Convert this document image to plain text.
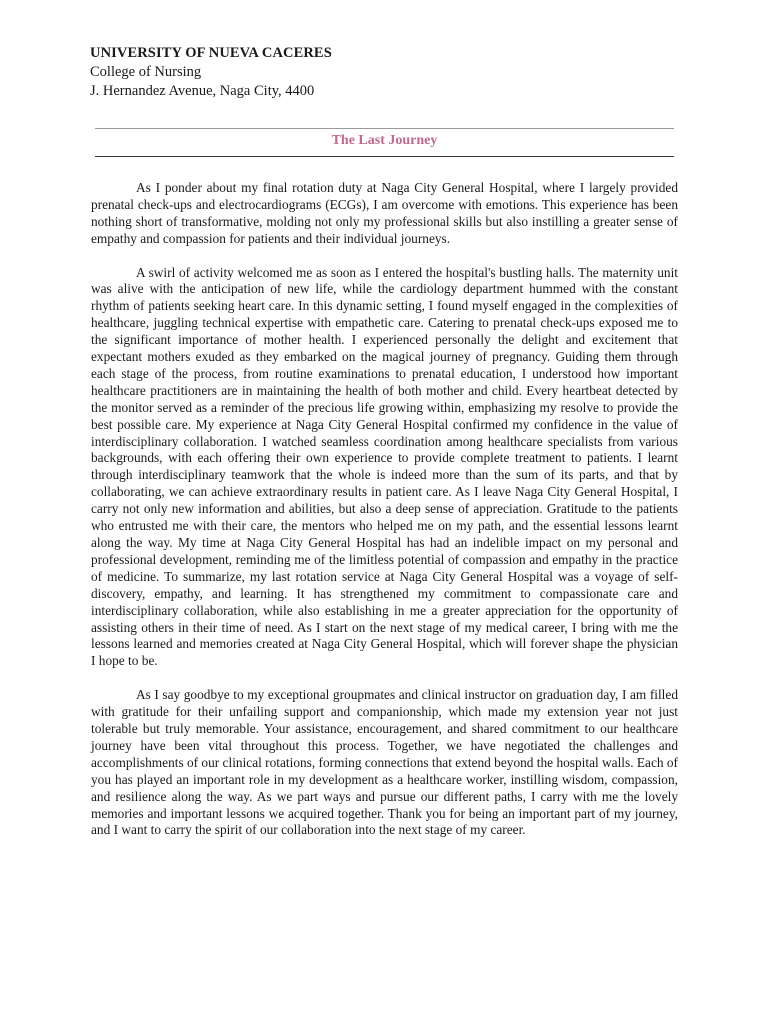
UNIVERSITY OF NUEVA CACERES
College of Nursing
J. Hernandez Avenue, Naga City, 4400
The Last Journey

As I ponder about my final rotation duty at Naga City General Hospital, where I largely provided prenatal check-ups and electrocardiograms (ECGs), I am overcome with emotions. This experience has been nothing short of transformative, molding not only my professional skills but also instilling a greater sense of empathy and compassion for patients and their individual journeys.

A swirl of activity welcomed me as soon as I entered the hospital's bustling halls. The maternity unit was alive with the anticipation of new life, while the cardiology department hummed with the constant rhythm of patients seeking heart care. In this dynamic setting, I found myself engaged in the complexities of healthcare, juggling technical expertise with empathetic care. Catering to prenatal check-ups exposed me to the significant importance of mother health. I experienced personally the delight and excitement that expectant mothers exuded as they embarked on the magical journey of pregnancy. Guiding them through each stage of the process, from routine examinations to prenatal education, I understood how important healthcare practitioners are in maintaining the health of both mother and child. Every heartbeat detected by the monitor served as a reminder of the precious life growing within, emphasizing my resolve to provide the best possible care. My experience at Naga City General Hospital confirmed my confidence in the value of interdisciplinary collaboration. I watched seamless coordination among healthcare specialists from various backgrounds, with each offering their own experience to provide complete treatment to patients. I learnt through interdisciplinary teamwork that the whole is indeed more than the sum of its parts, and that by collaborating, we can achieve extraordinary results in patient care. As I leave Naga City General Hospital, I carry not only new information and abilities, but also a deep sense of appreciation. Gratitude to the patients who entrusted me with their care, the mentors who helped me on my path, and the essential lessons learnt along the way. My time at Naga City General Hospital has had an indelible impact on my personal and professional development, reminding me of the limitless potential of compassion and empathy in the practice of medicine. To summarize, my last rotation service at Naga City General Hospital was a voyage of self-discovery, empathy, and learning. It has strengthened my commitment to compassionate care and interdisciplinary collaboration, while also establishing in me a greater appreciation for the opportunity of assisting others in their time of need. As I start on the next stage of my medical career, I bring with me the lessons learned and memories created at Naga City General Hospital, which will forever shape the physician I hope to be.

As I say goodbye to my exceptional groupmates and clinical instructor on graduation day, I am filled with gratitude for their unfailing support and companionship, which made my extension year not just tolerable but truly memorable. Your assistance, encouragement, and shared commitment to our healthcare journey have been vital throughout this process. Together, we have negotiated the challenges and accomplishments of our clinical rotations, forming connections that extend beyond the hospital walls. Each of you has played an important role in my development as a healthcare worker, instilling wisdom, compassion, and resilience along the way. As we part ways and pursue our different paths, I carry with me the lovely memories and important lessons we acquired together. Thank you for being an important part of my journey, and I want to carry the spirit of our collaboration into the next stage of my career.
